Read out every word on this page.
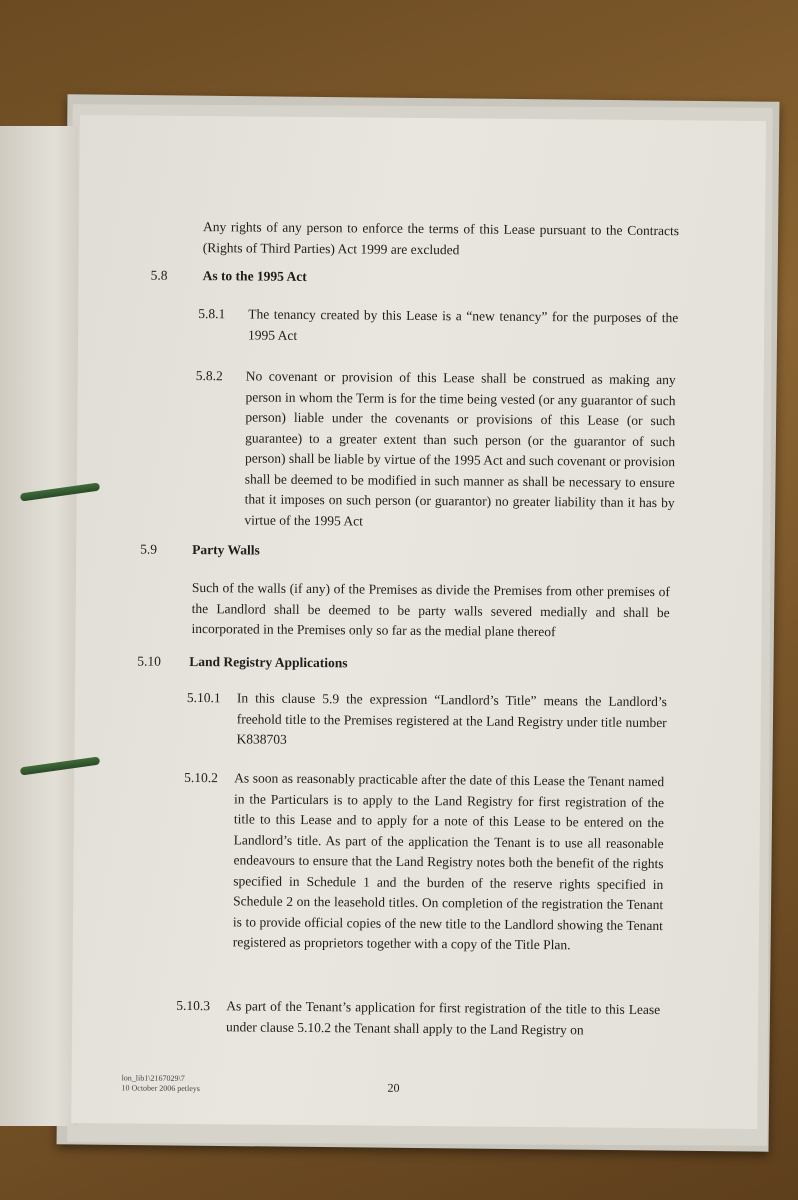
Any rights of any person to enforce the terms of this Lease pursuant to the Contracts (Rights of Third Parties) Act 1999 are excluded
5.8	As to the 1995 Act
5.8.1 The tenancy created by this Lease is a “new tenancy” for the purposes of the 1995 Act
5.8.2 No covenant or provision of this Lease shall be construed as making any person in whom the Term is for the time being vested (or any guarantor of such person) liable under the covenants or provisions of this Lease (or such guarantee) to a greater extent than such person (or the guarantor of such person) shall be liable by virtue of the 1995 Act and such covenant or provision shall be deemed to be modified in such manner as shall be necessary to ensure that it imposes on such person (or guarantor) no greater liability than it has by virtue of the 1995 Act
5.9	Party Walls
Such of the walls (if any) of the Premises as divide the Premises from other premises of the Landlord shall be deemed to be party walls severed medially and shall be incorporated in the Premises only so far as the medial plane thereof
5.10 Land Registry Applications
5.10.1 In this clause 5.9 the expression “Landlord’s Title” means the Landlord’s freehold title to the Premises registered at the Land Registry under title number K838703
5.10.2 As soon as reasonably practicable after the date of this Lease the Tenant named in the Particulars is to apply to the Land Registry for first registration of the title to this Lease and to apply for a note of this Lease to be entered on the Landlord’s title. As part of the application the Tenant is to use all reasonable endeavours to ensure that the Land Registry notes both the benefit of the rights specified in Schedule 1 and the burden of the reserve rights specified in Schedule 2 on the leasehold titles. On completion of the registration the Tenant is to provide official copies of the new title to the Landlord showing the Tenant registered as proprietors together with a copy of the Title Plan.
5.10.3 As part of the Tenant’s application for first registration of the title to this Lease under clause 5.10.2 the Tenant shall apply to the Land Registry on
lon_lib1\2167029\7
10 October 2006 petleys	20
